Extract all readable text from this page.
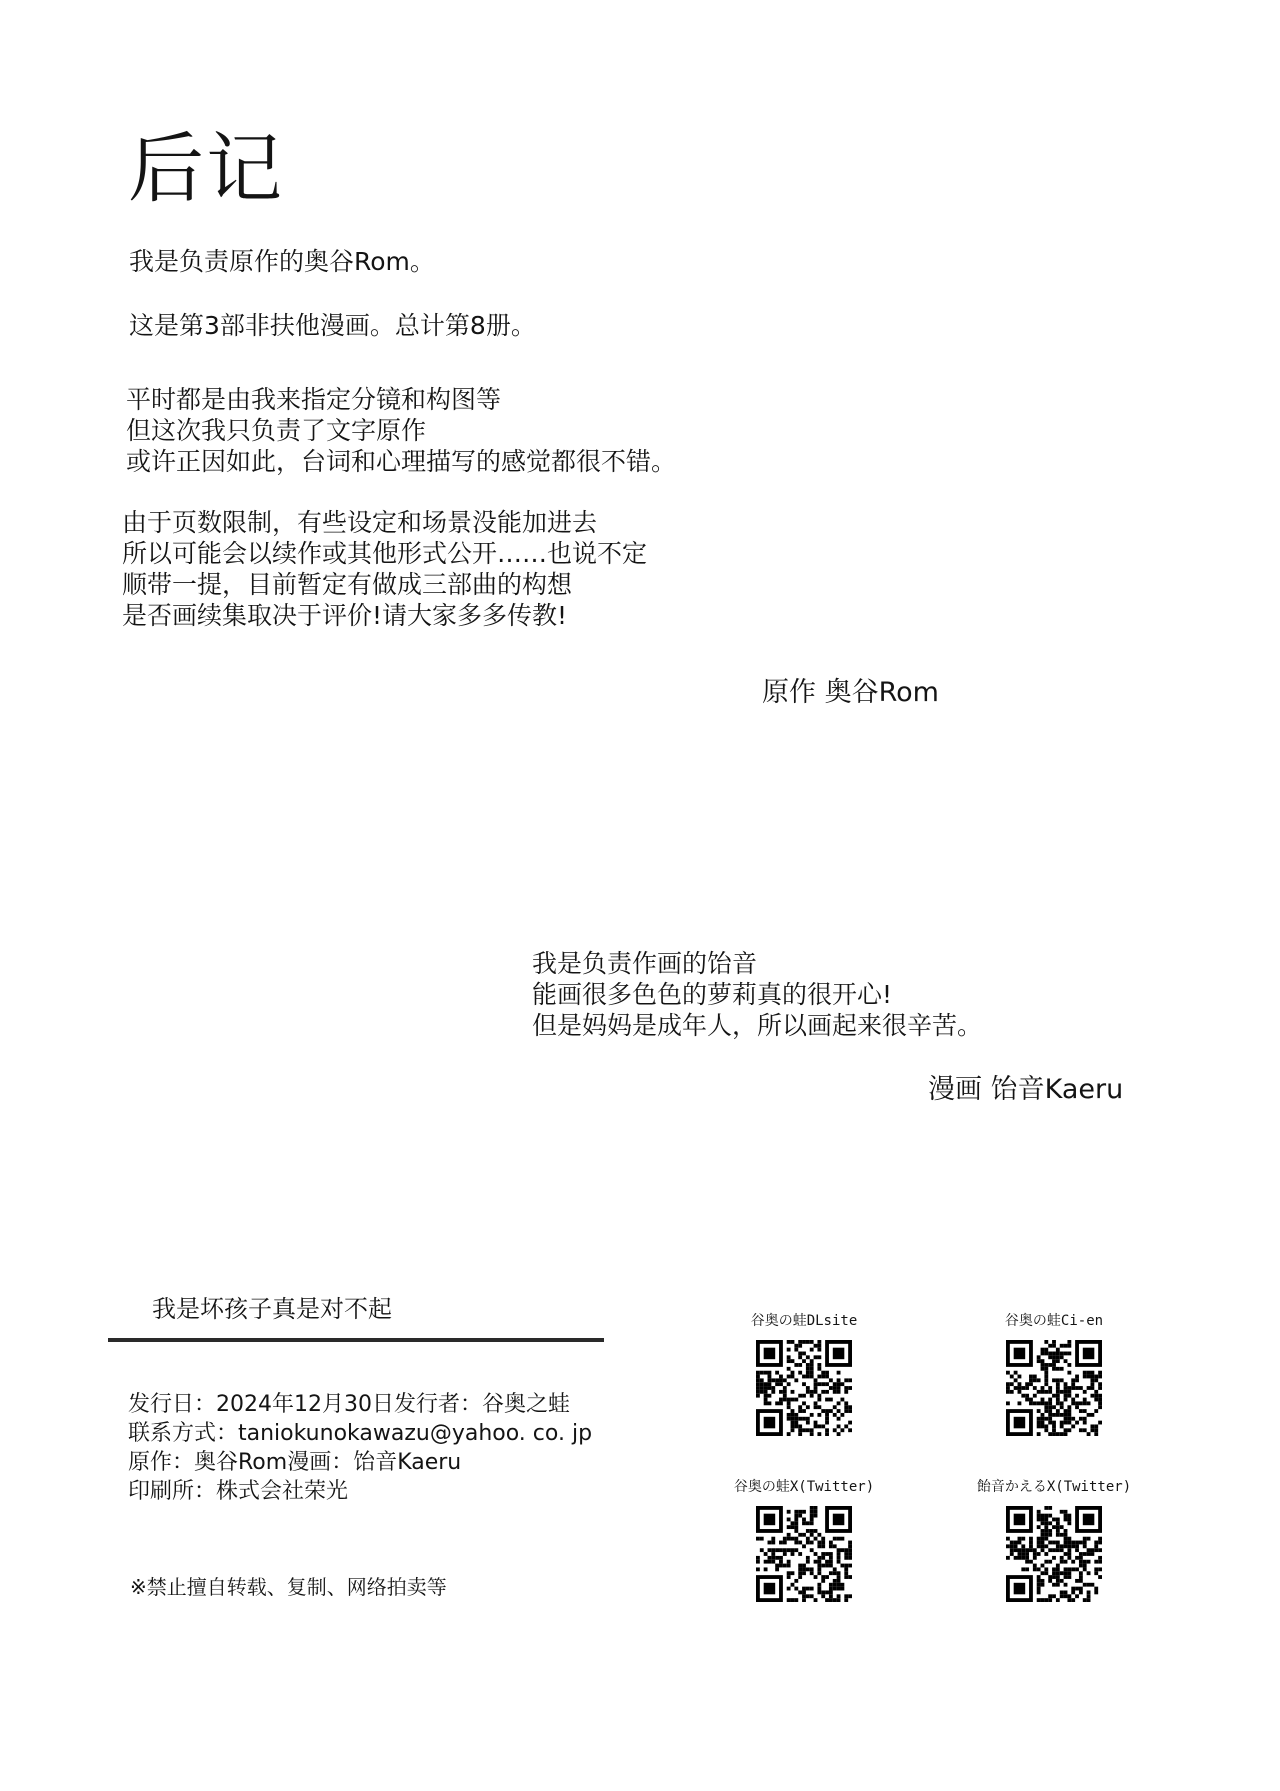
后记
我是负责原作的奥谷Rom。
这是第3部非扶他漫画。总计第8册。
平时都是由我来指定分镜和构图等
但这次我只负责了文字原作
或许正因如此，台词和心理描写的感觉都很不错。
由于页数限制，有些设定和场景没能加进去
所以可能会以续作或其他形式公开……也说不定
顺带一提，目前暂定有做成三部曲的构想
是否画续集取决于评价!请大家多多传教!
原作 奥谷Rom
我是负责作画的饴音
能画很多色色的萝莉真的很开心!
但是妈妈是成年人，所以画起来很辛苦。
漫画 饴音Kaeru
我是坏孩子真是对不起
发行日：2024年12月30日发行者：谷奥之蛙
联系方式：taniokunokawazu@yahoo. co. jp
原作：奥谷Rom漫画：饴音Kaeru
印刷所：株式会社荣光
※禁止擅自转载、复制、网络拍卖等
谷奥の蛙DLsite	谷奥の蛙Ci-en
谷奥の蛙X(Twitter)	飴音かえるX(Twitter)
